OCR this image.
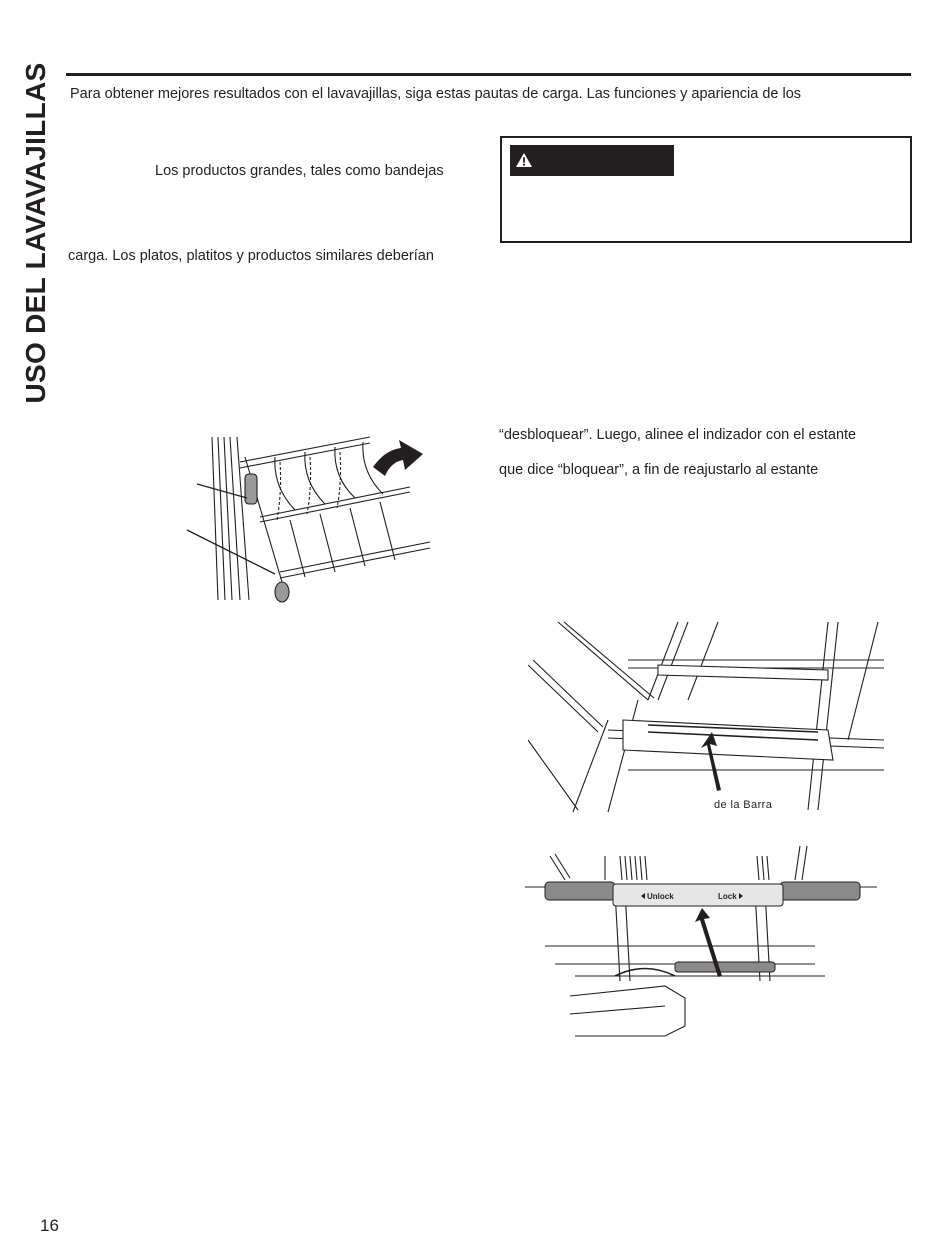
USO DEL LAVAVAJILLAS Para obtener mejores resultados con el lavavajillas, siga estas pautas de carga. Las funciones y apariencia de los
Los productos grandes, tales como bandejas
carga. Los platos, platitos y productos similares deberían
“desbloquear”. Luego, alinee el indizador con el estante
que dice “bloquear”, a fin de reajustarlo al estante
de la Barra
Unlock	Lock
16
